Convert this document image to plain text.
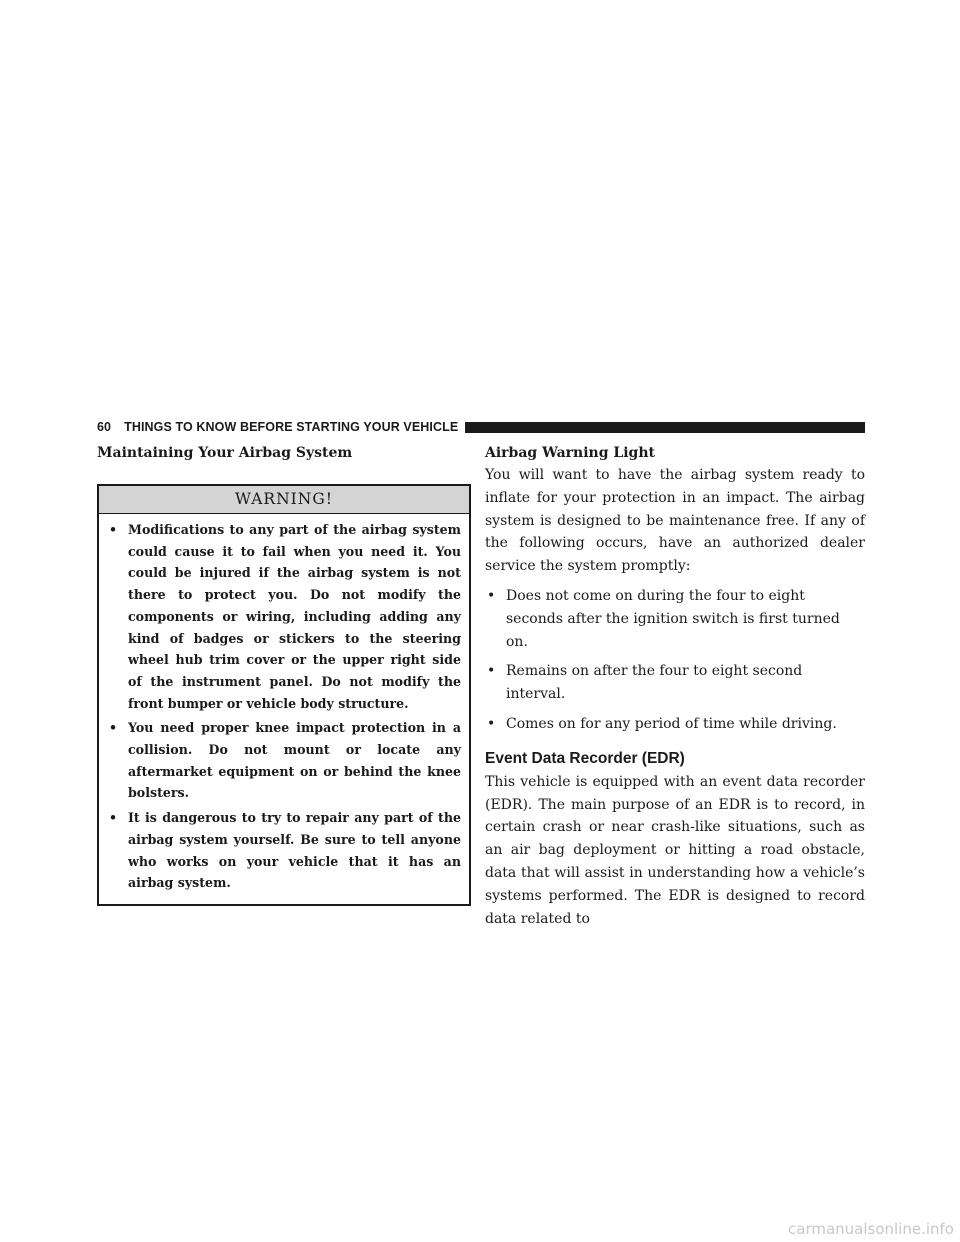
60	THINGS TO KNOW BEFORE STARTING YOUR VEHICLE
Maintaining Your Airbag System
WARNING!
• Modifications to any part of the airbag system could cause it to fail when you need it. You could be injured if the airbag system is not there to protect you. Do not modify the components or wiring, including adding any kind of badges or stickers to the steering wheel hub trim cover or the upper right side of the instrument panel. Do not modify the front bumper or vehicle body structure.
• You need proper knee impact protection in a collision. Do not mount or locate any aftermarket equipment on or behind the knee bolsters.
• It is dangerous to try to repair any part of the airbag system yourself. Be sure to tell anyone who works on your vehicle that it has an airbag system.
Airbag Warning Light

You will want to have the airbag system ready to inflate for your protection in an impact. The airbag system is designed to be maintenance free. If any of the following occurs, have an authorized dealer service the system promptly:

• Does not come on during the four to eight seconds after the ignition switch is first turned on.
• Remains on after the four to eight second interval.
• Comes on for any period of time while driving.
Event Data Recorder (EDR)

This vehicle is equipped with an event data recorder (EDR). The main purpose of an EDR is to record, in certain crash or near crash-like situations, such as an air bag deployment or hitting a road obstacle, data that will assist in understanding how a vehicle’s systems performed. The EDR is designed to record data related to

carmanualsonline.info
